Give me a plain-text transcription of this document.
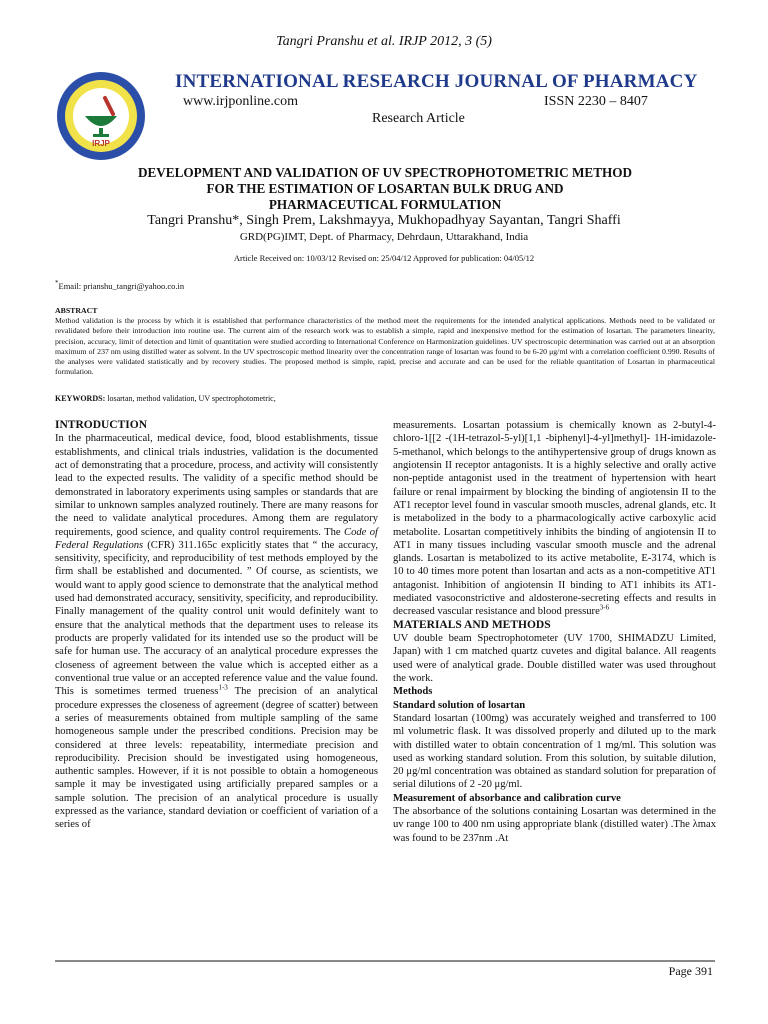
Tangri Pranshu et al. IRJP 2012, 3 (5)
IRJP
INTERNATIONAL RESEARCH JOURNAL OF PHARMACY
www.irjponline.com	ISSN 2230 – 8407
Research Article
DEVELOPMENT AND VALIDATION OF UV SPECTROPHOTOMETRIC METHOD
FOR THE ESTIMATION OF LOSARTAN BULK DRUG AND
PHARMACEUTICAL FORMULATION
Tangri Pranshu*, Singh Prem, Lakshmayya, Mukhopadhyay Sayantan, Tangri Shaffi
GRD(PG)IMT, Dept. of Pharmacy, Dehrdaun, Uttarakhand, India
Article Received on: 10/03/12 Revised on: 25/04/12 Approved for publication: 04/05/12
*Email: prianshu_tangri@yahoo.co.in
ABSTRACT
Method validation is the process by which it is established that performance characteristics of the method meet the requirements for the intended analytical applications. Methods need to be validated or revalidated before their introduction into routine use. The current aim of the research work was to establish a simple, rapid and inexpensive method for the estimation of losartan. The parameters linearity, precision, accuracy, limit of detection and limit of quantitation were studied according to International Conference on Harmonization guidelines. UV spectroscopic determination was carried out at an absorption maximum of 237 nm using distilled water as solvent. In the UV spectroscopic method linearity over the concentration range of losartan was found to be 6-20 μg/ml with a correlation coefficient 0.990. Results of the analyses were validated statistically and by recovery studies. The proposed method is simple, rapid, precise and accurate and can be used for the reliable quantitation of Losartan in pharmaceutical formulation.
KEYWORDS: losartan, method validation, UV spectrophotometric,
INTRODUCTION

In the pharmaceutical, medical device, food, blood establishments, tissue establishments, and clinical trials industries, validation is the documented act of demonstrating that a procedure, process, and activity will consistently lead to the expected results. The validity of a specific method should be demonstrated in laboratory experiments using samples or standards that are similar to unknown samples analyzed routinely. There are many reasons for the need to validate analytical procedures. Among them are regulatory requirements, good science, and quality control requirements. The Code of Federal Regulations (CFR) 311.165c explicitly states that “ the accuracy, sensitivity, specificity, and reproducibility of test methods employed by the firm shall be established and documented. ” Of course, as scientists, we would want to apply good science to demonstrate that the analytical method used had demonstrated accuracy, sensitivity, specificity, and reproducibility. Finally management of the quality control unit would definitely want to ensure that the analytical methods that the department uses to release its products are properly validated for its intended use so the product will be safe for human use. The accuracy of an analytical procedure expresses the closeness of agreement between the value which is accepted either as a conventional true value or an accepted reference value and the value found. This is sometimes termed trueness$^{1-3}$ The precision of an analytical procedure expresses the closeness of agreement (degree of scatter) between a series of measurements obtained from multiple sampling of the same homogeneous sample under the prescribed conditions. Precision may be considered at three levels: repeatability, intermediate precision and reproducibility. Precision should be investigated using homogeneous, authentic samples. However, if it is not possible to obtain a homogeneous sample it may be investigated using artificially prepared samples or a sample solution. The precision of an analytical procedure is usually expressed as the variance, standard deviation or coefficient of variation of a series of

measurements. Losartan potassium is chemically known as 2-butyl-4- chloro-1[[2 -(1H-tetrazol-5-yl)[1,1 -biphenyl]-4-yl]methyl]- 1H-imidazole-5-methanol, which belongs to the antihypertensive group of drugs known as angiotensin II receptor antagonists. It is a highly selective and orally active non-peptide antagonist used in the treatment of hypertension with heart failure or renal impairment by blocking the binding of angiotensin II to the AT1 receptor level found in vascular smooth muscles, adrenal glands, etc. It is metabolized in the body to a pharmacologically active carboxylic acid metabolite. Losartan competitively inhibits the binding of angiotensin II to AT1 in many tissues including vascular smooth muscle and the adrenal glands. Losartan is metabolized to its active metabolite, E-3174, which is 10 to 40 times more potent than losartan and acts as a non-competitive AT1 antagonist. Inhibition of angiotensin II binding to AT1 inhibits its AT1-mediated vasoconstrictive and aldosterone-secreting effects and results in decreased vascular resistance and blood pressure$^{3-6}$

MATERIALS AND METHODS

UV double beam Spectrophotometer (UV 1700, SHIMADZU Limited, Japan) with 1 cm matched quartz cuvetes and digital balance. All reagents used were of analytical grade. Double distilled water was used throughout the work.

Methods
Standard solution of losartan

Standard losartan (100mg) was accurately weighed and transferred to 100 ml volumetric flask. It was dissolved properly and diluted up to the mark with distilled water to obtain concentration of 1 mg/ml. This solution was used as working standard solution. From this solution, by suitable dilution, 20 μg/ml concentration was obtained as standard solution for preparation of serial dilutions of 2 -20 μg/ml.

Measurement of absorbance and calibration curve

The absorbance of the solutions containing Losartan was determined in the uv range 100 to 400 nm using appropriate blank (distilled water) .The λmax was found to be 237nm .At

Page 391
